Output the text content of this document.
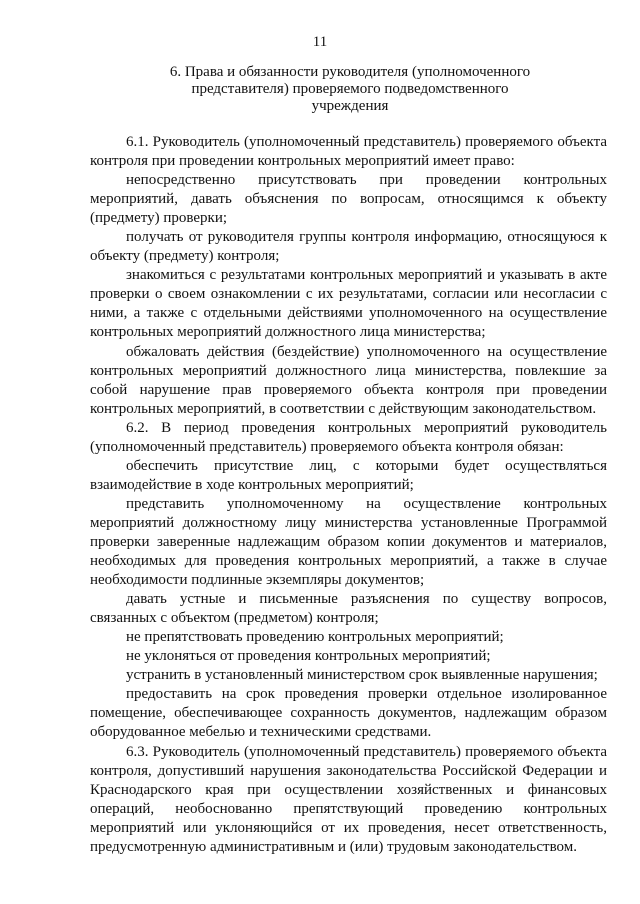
11
6. Права и обязанности руководителя (уполномоченного
представителя) проверяемого подведомственного
учреждения

6.1. Руководитель (уполномоченный представитель) проверяемого объекта контроля при проведении контрольных мероприятий имеет право:

непосредственно присутствовать при проведении контрольных мероприятий, давать объяснения по вопросам, относящимся к объекту (предмету) проверки;

получать от руководителя группы контроля информацию, относящуюся к объекту (предмету) контроля;

знакомиться с результатами контрольных мероприятий и указывать в акте проверки о своем ознакомлении с их результатами, согласии или несогласии с ними, а также с отдельными действиями уполномоченного на осуществление контрольных мероприятий должностного лица министерства;

обжаловать действия (бездействие) уполномоченного на осуществление контрольных мероприятий должностного лица министерства, повлекшие за собой нарушение прав проверяемого объекта контроля при проведении контрольных мероприятий, в соответствии с действующим законодательством.

6.2. В период проведения контрольных мероприятий руководитель (уполномоченный представитель) проверяемого объекта контроля обязан:

обеспечить присутствие лиц, с которыми будет осуществляться взаимодействие в ходе контрольных мероприятий;

представить уполномоченному на осуществление контрольных мероприятий должностному лицу министерства установленные Программой проверки заверенные надлежащим образом копии документов и материалов, необходимых для проведения контрольных мероприятий, а также в случае необходимости подлинные экземпляры документов;

давать устные и письменные разъяснения по существу вопросов, связанных с объектом (предметом) контроля;

не препятствовать проведению контрольных мероприятий;

не уклоняться от проведения контрольных мероприятий;

устранить в установленный министерством срок выявленные нарушения;

предоставить на срок проведения проверки отдельное изолированное помещение, обеспечивающее сохранность документов, надлежащим образом оборудованное мебелью и техническими средствами.

6.3. Руководитель (уполномоченный представитель) проверяемого объекта контроля, допустивший нарушения законодательства Российской Федерации и Краснодарского края при осуществлении хозяйственных и финансовых операций, необоснованно препятствующий проведению контрольных мероприятий или уклоняющийся от их проведения, несет ответственность, предусмотренную административным и (или) трудовым законодательством.
